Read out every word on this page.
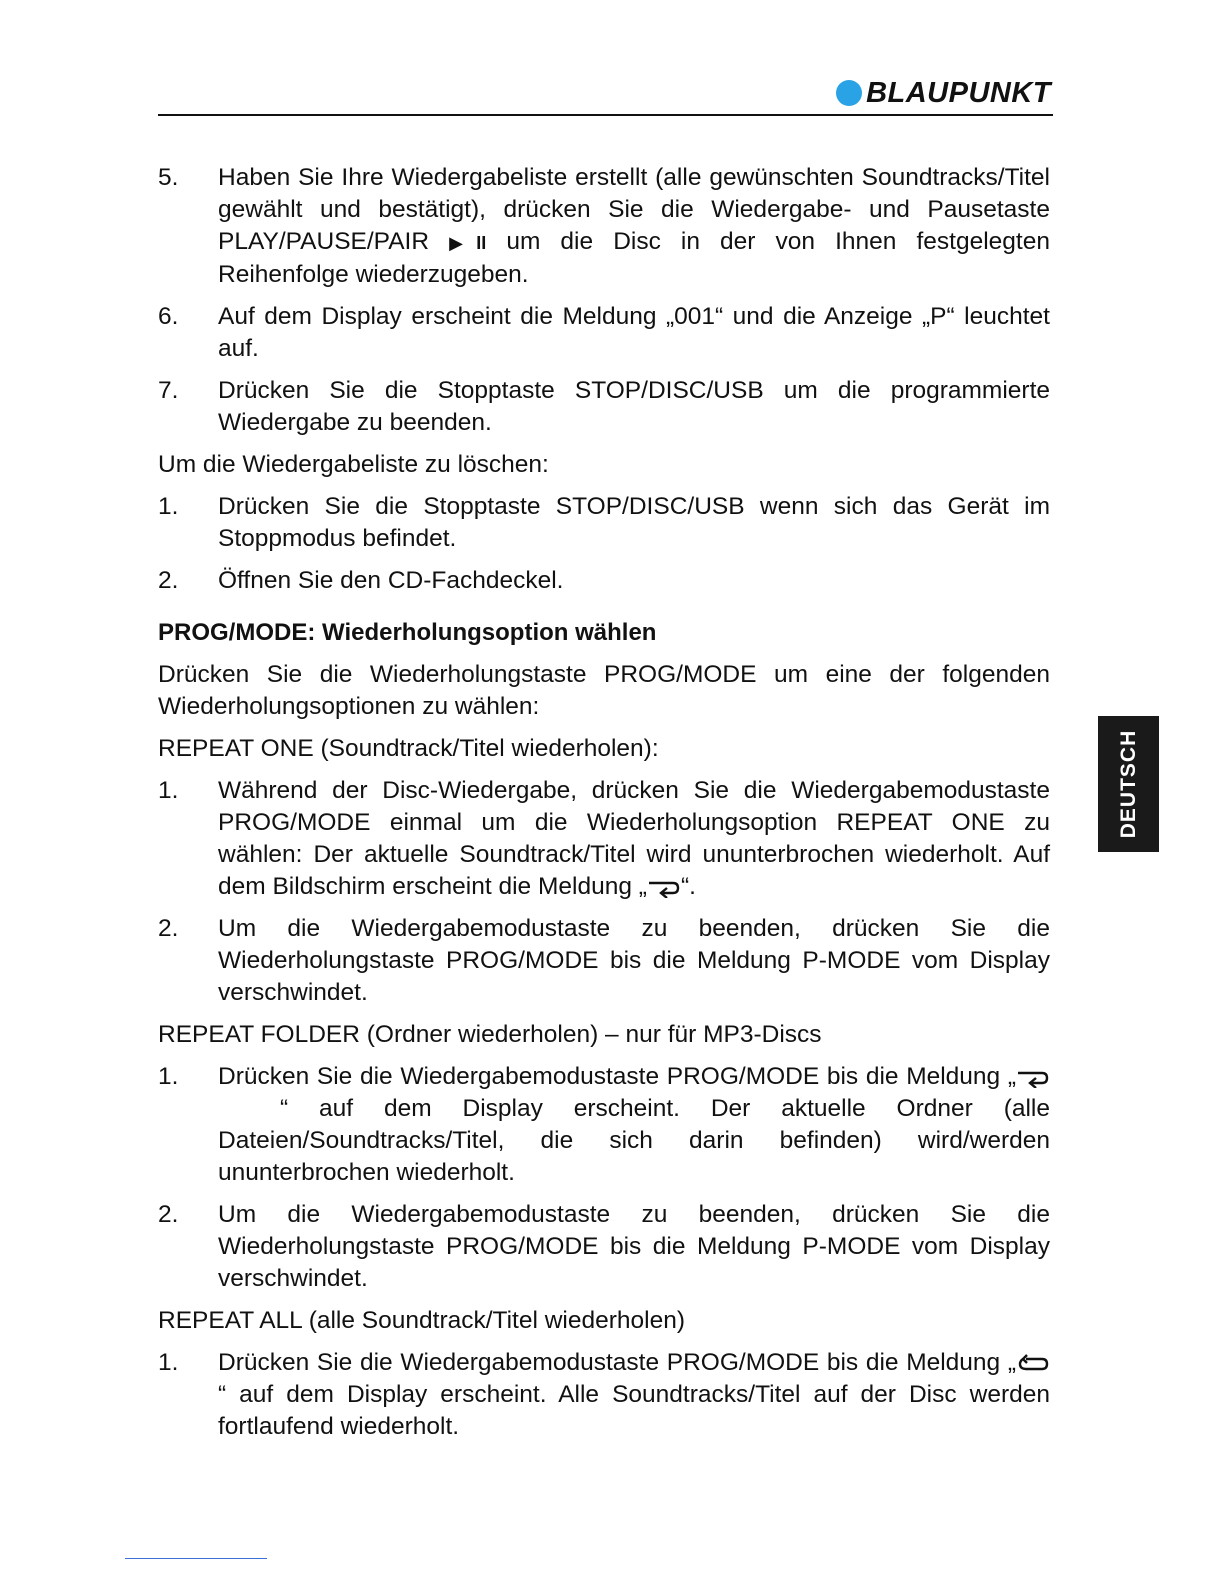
BLAUPUNKT
DEUTSCH
5.	Haben Sie Ihre Wiedergabeliste erstellt (alle gewünschten Soundtracks/Titel gewählt und bestätigt), drücken Sie die Wiedergabe- und Pausetaste PLAY/PAUSE/PAIR ▶II um die Disc in der von Ihnen festgelegten Reihenfolge wiederzugeben.
6.	Auf dem Display erscheint die Meldung „001“ und die Anzeige „P“ leuchtet auf.
7.	Drücken Sie die Stopptaste STOP/DISC/USB um die programmierte Wiedergabe zu beenden.
Um die Wiedergabeliste zu löschen:
1.	Drücken Sie die Stopptaste STOP/DISC/USB wenn sich das Gerät im Stoppmodus befindet.
2.	Öffnen Sie den CD-Fachdeckel.
PROG/MODE: Wiederholungsoption wählen
Drücken Sie die Wiederholungstaste PROG/MODE um eine der folgenden Wiederholungsoptionen zu wählen:
REPEAT ONE (Soundtrack/Titel wiederholen):
1.	Während der Disc-Wiedergabe, drücken Sie die Wiedergabemodustaste PROG/MODE einmal um die Wiederholungsoption REPEAT ONE zu wählen: Der aktuelle Soundtrack/Titel wird ununterbrochen wiederholt. Auf dem Bildschirm erscheint die Meldung „ “.
2.	Um die Wiedergabemodustaste zu beenden, drücken Sie die Wiederholungstaste PROG/MODE bis die Meldung P-MODE vom Display verschwindet.
REPEAT FOLDER (Ordner wiederholen) – nur für MP3-Discs
1.	Drücken Sie die Wiedergabemodustaste PROG/MODE bis die Meldung „“ auf dem Display erscheint. Der aktuelle Ordner (alle Dateien/Soundtracks/Titel, die sich darin befinden) wird/werden ununterbrochen wiederholt.
2.	Um die Wiedergabemodustaste zu beenden, drücken Sie die Wiederholungstaste PROG/MODE bis die Meldung P-MODE vom Display verschwindet.
REPEAT ALL (alle Soundtrack/Titel wiederholen)
1.	Drücken Sie die Wiedergabemodustaste PROG/MODE bis die Meldung „“ auf dem Display erscheint. Alle Soundtracks/Titel auf der Disc werden fortlaufend wiederholt.
